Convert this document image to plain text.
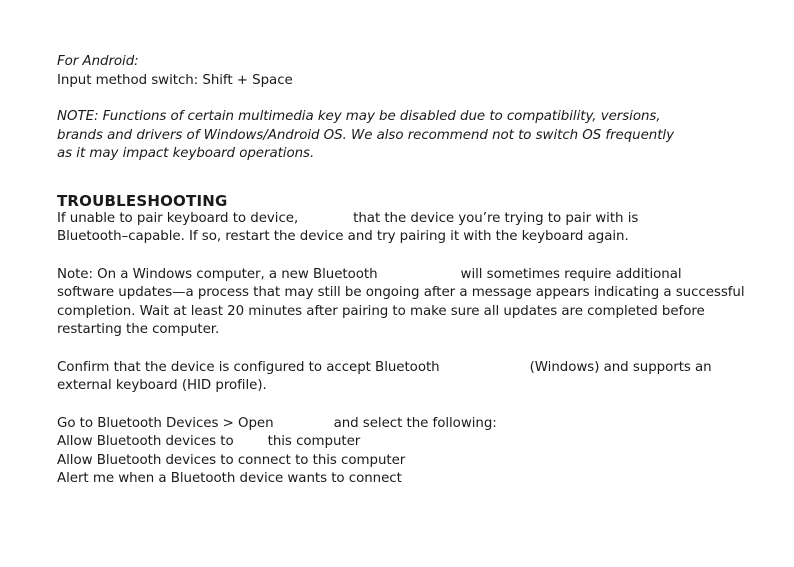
For Android:
Input method switch: Shift + Space
NOTE: Functions of certain multimedia key may be disabled due to compatibility, versions,
brands and drivers of Windows/Android OS. We also recommend not to switch OS frequently
as it may impact keyboard operations.
TROUBLESHOOTING
If unable to pair keyboard to device,	that the device you’re trying to pair with is
Bluetooth–capable. If so, restart the device and try pairing it with the keyboard again.
Note: On a Windows computer, a new Bluetooth	will sometimes require additional
software updates—a process that may still be ongoing after a message appears indicating a successful
completion. Wait at least 20 minutes after pairing to make sure all updates are completed before
restarting the computer.
Confirm that the device is configured to accept Bluetooth	(Windows) and supports an
external keyboard (HID profile).
Go to Bluetooth Devices > Open	and select the following:
Allow Bluetooth devices to	this computer
Allow Bluetooth devices to connect to this computer
Alert me when a Bluetooth device wants to connect
